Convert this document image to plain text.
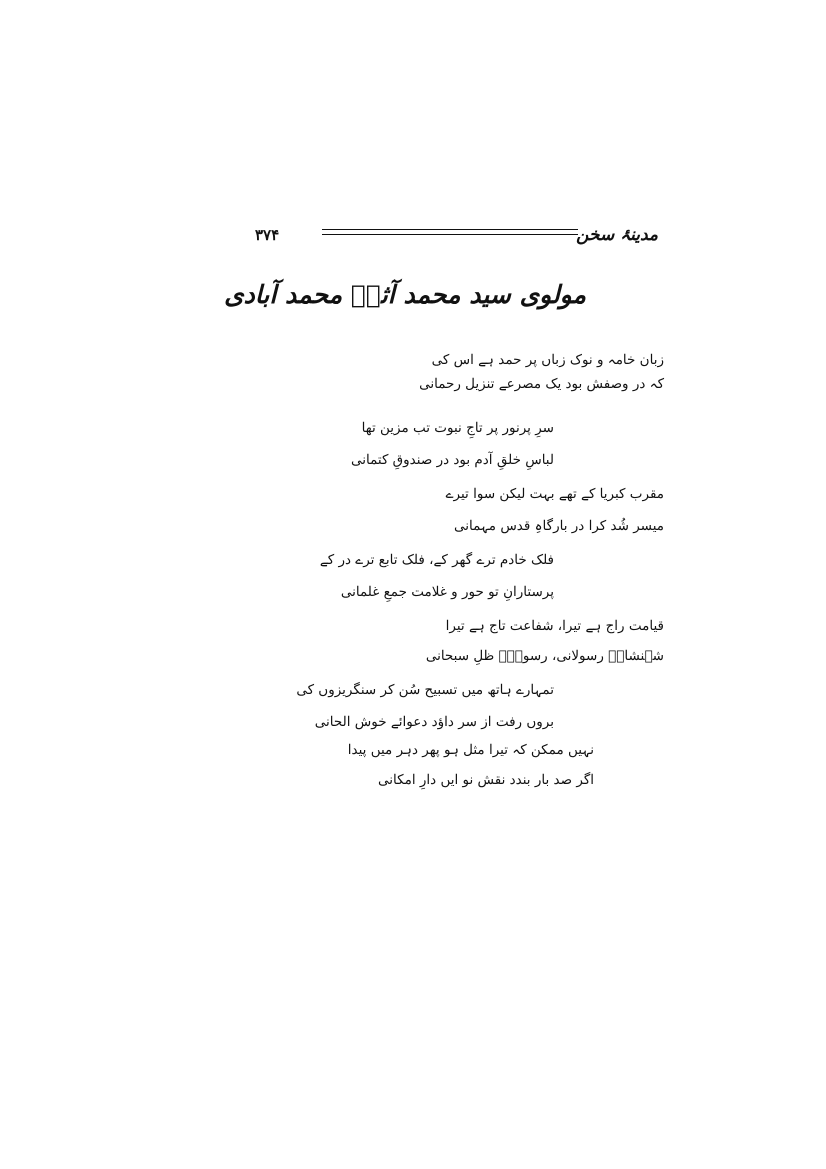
مدینۂ سخن
۳۷۴
مولوی سید محمد آثمؔ محمد آبادی
زبان خامہ و نوک زباں پر حمد ہے اس کی
کہ در وصفش بود یک مصرعے تنزیل رحمانی
سرِ پرنور پر تاجِ نبوت تب مزین تھا
لباسِ خلقِ آدم بود در صندوقِ کتمانی
مقرب کبریا کے تھے بہت لیکن سوا تیرے
میسر شُد کرا در بارگاہِ قدس مہمانی
فلک خادم ترے گھر کے، فلک تابع ترے در کے
پرستارانِ تو حور و غلامت جمعِ غلمانی
قیامت راج ہے تیرا، شفاعت تاج ہے تیرا
شہنشاہِ رسولانی، رسولِؐ ظلِ سبحانی
تمہارے ہاتھ میں تسبیح سُن کر سنگریزوں کی
بروں رفت از سر داؤد دعوائے خوش الحانی
نہیں ممکن کہ تیرا مثل ہو پھر دہر میں پیدا
اگر صد بار بندد نقش نو ایں دارِ امکانی
